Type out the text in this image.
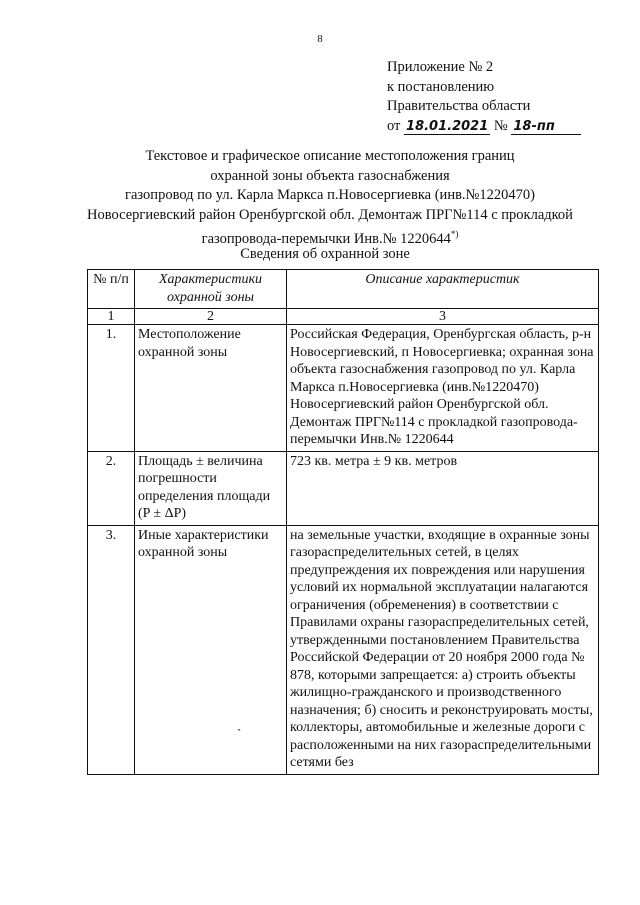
8
Приложение № 2
к постановлению
Правительства области
от 18.01.2021 № 18-пп
Текстовое и графическое описание местоположения границ
охранной зоны объекта газоснабжения
газопровод по ул. Карла Маркса п.Новосергиевка (инв.№1220470)
Новосергиевский район Оренбургской обл. Демонтаж ПРГ№114 с прокладкой
газопровода-перемычки Инв.№ 1220644*)
Сведения об охранной зоне
№ п/п	Характеристики охранной зоны	Описание характеристик
1	2	3
1.	Местоположение охранной зоны	Российская Федерация, Оренбургская область, р-н Новосергиевский, п Новосергиевка; охранная зона объекта газоснабжения газопровод по ул. Карла Маркса п.Новосергиевка (инв.№1220470) Новосергиевский район Оренбургской обл. Демонтаж ПРГ№114 с прокладкой газопровода-перемычки Инв.№ 1220644
2.	Площадь ± величина погрешности определения площади (P ± ΔP)	723 кв. метра ± 9 кв. метров
3.	Иные характеристики охранной зоны	на земельные участки, входящие в охранные зоны газораспределительных сетей, в целях предупреждения их повреждения или нарушения условий их нормальной эксплуатации налагаются ограничения (обременения) в соответствии с Правилами охраны газораспределительных сетей, утвержденными постановлением Правительства Российской Федерации от 20 ноября 2000 года № 878, которыми запрещается: а) строить объекты жилищно-гражданского и производственного назначения; б) сносить и реконструировать мосты, коллекторы, автомобильные и железные дороги с расположенными на них газораспределительными сетями без
`
